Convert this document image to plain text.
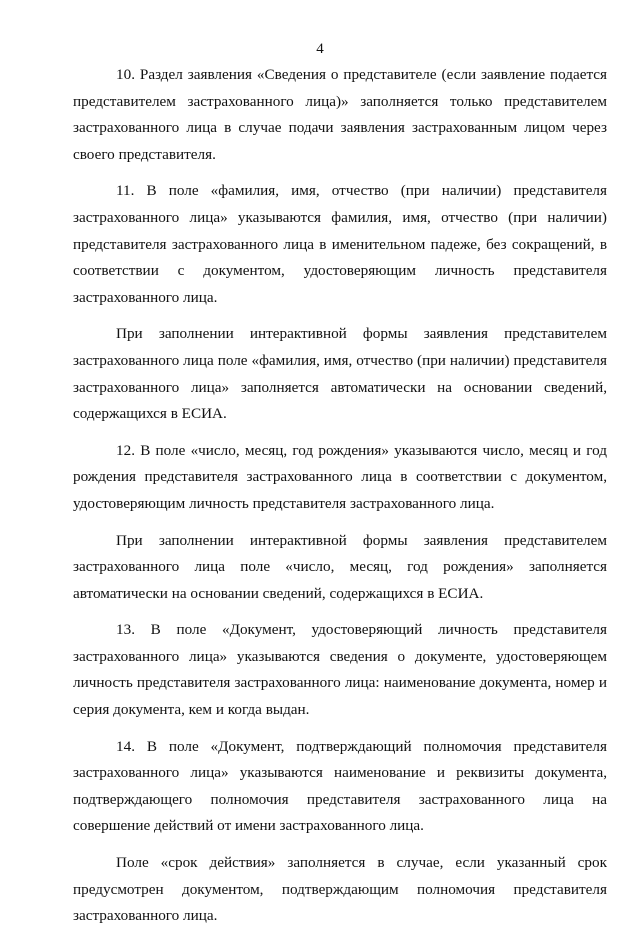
4

10. Раздел заявления «Сведения о представителе (если заявление подается представителем застрахованного лица)» заполняется только представителем застрахованного лица в случае подачи заявления застрахованным лицом через своего представителя.

11. В поле «фамилия, имя, отчество (при наличии) представителя застрахованного лица» указываются фамилия, имя, отчество (при наличии) представителя застрахованного лица в именительном падеже, без сокращений, в соответствии с документом, удостоверяющим личность представителя застрахованного лица.

При заполнении интерактивной формы заявления представителем застрахованного лица поле «фамилия, имя, отчество (при наличии) представителя застрахованного лица» заполняется автоматически на основании сведений, содержащихся в ЕСИА.

12. В поле «число, месяц, год рождения» указываются число, месяц и год рождения представителя застрахованного лица в соответствии с документом, удостоверяющим личность представителя застрахованного лица.

При заполнении интерактивной формы заявления представителем застрахованного лица поле «число, месяц, год рождения» заполняется автоматически на основании сведений, содержащихся в ЕСИА.

13. В поле «Документ, удостоверяющий личность представителя застрахованного лица» указываются сведения о документе, удостоверяющем личность представителя застрахованного лица: наименование документа, номер и серия документа, кем и когда выдан.

14. В поле «Документ, подтверждающий полномочия представителя застрахованного лица» указываются наименование и реквизиты документа, подтверждающего полномочия представителя застрахованного лица на совершение действий от имени застрахованного лица.

Поле «срок действия» заполняется в случае, если указанный срок предусмотрен документом, подтверждающим полномочия представителя застрахованного лица.
